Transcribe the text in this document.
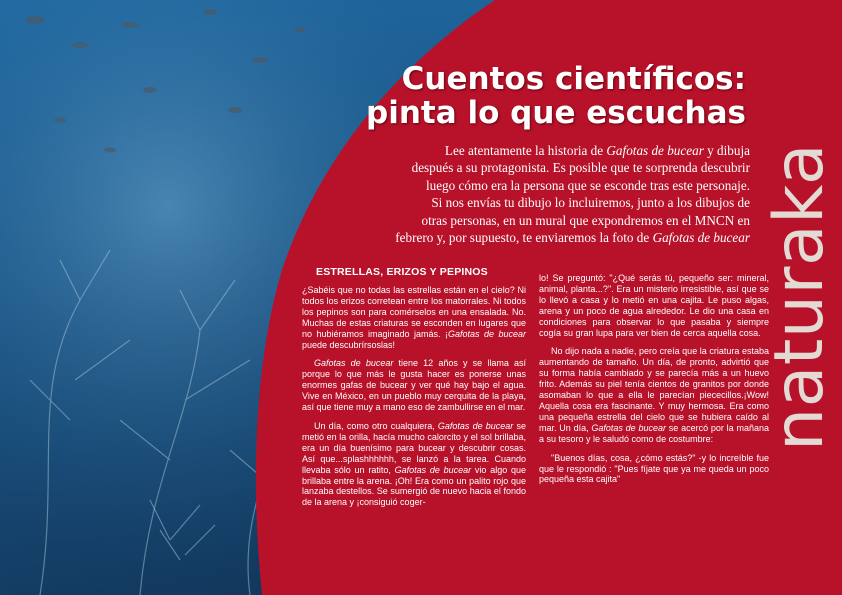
Cuentos científicos:
pinta lo que escuchas

Lee atentamente la historia de Gafotas de bucear y dibuja
después a su protagonista. Es posible que te sorprenda descubrir
luego cómo era la persona que se esconde tras este personaje.
Si nos envías tu dibujo lo incluiremos, junto a los dibujos de
otras personas, en un mural que expondremos en el MNCN en
febrero y, por supuesto, te enviaremos la foto de Gafotas de bucear naturaka
ESTRELLAS, ERIZOS Y PEPINOS

¿Sabéis que no todas las estrellas están en el cielo? Ni todos los erizos corretean entre los matorrales. Ni todos los pepinos son para comérselos en una ensalada. No. Muchas de estas criaturas se esconden en lugares que no hubiéramos imaginado jamás. ¡Gafotas de bucear puede descubrírsoslas!

Gafotas de bucear tiene 12 años y se llama así porque lo que más le gusta hacer es ponerse unas enormes gafas de bucear y ver qué hay bajo el agua. Vive en México, en un pueblo muy cerquita de la playa, así que tiene muy a mano eso de zambullirse en el mar.

Un día, como otro cualquiera, Gafotas de bucear se metió en la orilla, hacía mucho calorcito y el sol brillaba, era un día buenísimo para bucear y descubrir cosas. Así que...splashhhhhh, se lanzó a la tarea. Cuando llevaba sólo un ratito, Gafotas de bucear vio algo que brillaba entre la arena. ¡Oh! Era como un palito rojo que lanzaba destellos. Se sumergió de nuevo hacia el fondo de la arena y ¡consiguió coger-

lo! Se preguntó: "¿Qué serás tú, pequeño ser: mineral, animal, planta...?". Era un misterio irresistible, así que se lo llevó a casa y lo metió en una cajita. Le puso algas, arena y un poco de agua alrededor. Le dio una casa en condiciones para observar lo que pasaba y siempre cogía su gran lupa para ver bien de cerca aquella cosa.

No dijo nada a nadie, pero creía que la criatura estaba aumentando de tamaño. Un día, de pronto, advirtió que su forma había cambiado y se parecía más a un huevo frito. Además su piel tenía cientos de granitos por donde asomaban lo que a ella le parecían piececillos.¡Wow! Aquella cosa era fascinante. Y muy hermosa. Era como una pequeña estrella del cielo que se hubiera caído al mar. Un día, Gafotas de bucear se acercó por la mañana a su tesoro y le saludó como de costumbre:

"Buenos días, cosa, ¿cómo estás?" -y lo increíble fue que le respondió : "Pues fíjate que ya me queda un poco pequeña esta cajita"
